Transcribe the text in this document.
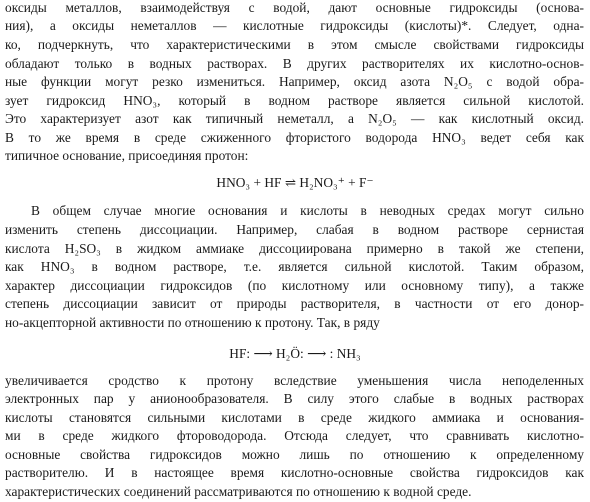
оксиды металлов, взаимодействуя с водой, дают основные гидроксиды (основа-
ния), а оксиды неметаллов — кислотные гидроксиды (кислоты)*. Следует, одна-
ко, подчеркнуть, что характеристическими в этом смысле свойствами гидроксиды
обладают только в водных растворах. В других растворителях их кислотно-основ-
ные функции могут резко измениться. Например, оксид азота N₂O₅ с водой обра-
зует гидроксид HNO₃, который в водном растворе является сильной кислотой.
Это характеризует азот как типичный неметалл, а N₂O₅ — как кислотный оксид.
В то же время в среде сжиженного фтористого водорода HNO₃ ведет себя как
типичное основание, присоединяя протон:
HNO₃ + HF ⇌ H₂NO₃⁺ + F⁻
В общем случае многие основания и кислоты в неводных средах могут сильно
изменить степень диссоциации. Например, слабая в водном растворе сернистая
кислота H₂SO₃ в жидком аммиаке диссоциирована примерно в такой же степени,
как HNO₃ в водном растворе, т.е. является сильной кислотой. Таким образом,
характер диссоциации гидроксидов (по кислотному или основному типу), а также
степень диссоциации зависит от природы растворителя, в частности от его донор-
но-акцепторной активности по отношению к протону. Так, в ряду
HF: ⟶ H₂Ö: ⟶ : NH₃
увеличивается сродство к протону вследствие уменьшения числа неподеленных
электронных пар у анионообразователя. В силу этого слабые в водных растворах
кислоты становятся сильными кислотами в среде жидкого аммиака и основания-
ми в среде жидкого фтороводорода. Отсюда следует, что сравнивать кислотно-
основные свойства гидроксидов можно лишь по отношению к определенному
растворителю. И в настоящее время кислотно-основные свойства гидроксидов как
характеристических соединений рассматриваются по отношению к водной среде.
